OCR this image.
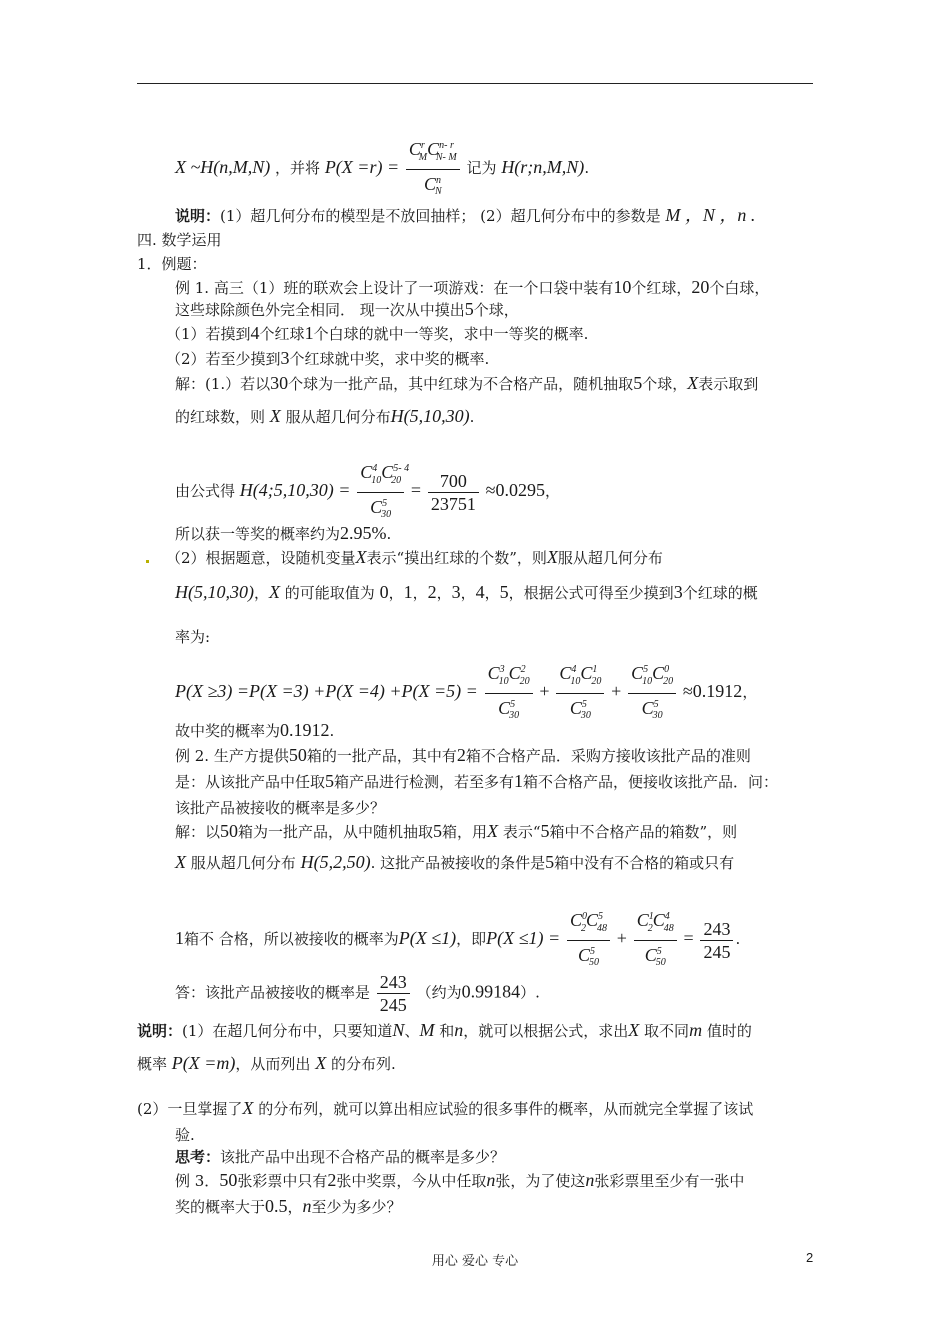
X ~H(n,M,N) ，并将 $P(X =r) = \frac{C^r_MC^{n- r}_{N- M}}{C^n_N}$ 记为 H(r;n,M,N).
说明：(1）超几何分布的模型是不放回抽样； (2）超几何分布中的参数是 M ，N ，n .
四. 数学运用
1．例题：
例 1. 高三（1）班的联欢会上设计了一项游戏：在一个口袋中装有10个红球，20个白球，
这些球除颜色外完全相同． 现一次从中摸出5个球，
（1）若摸到4个红球1个白球的就中一等奖，求中一等奖的概率.
（2）若至少摸到3个红球就中奖，求中奖的概率.
解：(1.）若以30个球为一批产品，其中红球为不合格产品，随机抽取5个球，X表示取到
的红球数，则 X 服从超几何分布H(5,10,30).
由公式得 H(4;5,10,30) = $\frac{C^4_{10}C^{5- 4}_{20}}{C^5_{30}} = \frac{700}{23751} \approx 0.0295$，
所以获一等奖的概率约为2.95%.
（2）根据题意，设随机变量X表示“摸出红球的个数”，则X服从超几何分布
H(5,10,30)，X 的可能取值为 0，1，2，3，4，5，根据公式可得至少摸到3个红球的概
率为:
$P(X \ge 3) =P(X =3) +P(X =4) +P(X =5) = \frac{C^3_{10}C^2_{20}}{C^5_{30}} + \frac{C^4_{10}C^1_{20}}{C^5_{30}} + \frac{C^5_{10}C^0_{20}}{C^5_{30}} \approx 0.1912$，
故中奖的概率为0.1912.
例 2. 生产方提供50箱的一批产品，其中有2箱不合格产品．采购方接收该批产品的准则
是：从该批产品中任取5箱产品进行检测，若至多有1箱不合格产品，便接收该批产品．问：
该批产品被接收的概率是多少？
解：以50箱为一批产品，从中随机抽取5箱，用X 表示“5箱中不合格产品的箱数”，则
X 服从超几何分布 H(5,2,50). 这批产品被接收的条件是5箱中没有不合格的箱或只有
1箱不 合格，所以被接收的概率为P(X ≤1)，即$P(X \le 1) = \frac{C^0_2C^5_{48}}{C^5_{50}} + \frac{C^1_2C^4_{48}}{C^5_{50}} = \frac{243}{245}$ .
答：该批产品被接收的概率是 $\frac{243}{245}$ （约为0.99184）.
说明：(1）在超几何分布中，只要知道N、M 和n，就可以根据公式，求出X 取不同m 值时的
概率 P(X =m)，从而列出 X 的分布列.
(2）一旦掌握了X 的分布列，就可以算出相应试验的很多事件的概率，从而就完全掌握了该试
验.
思考：该批产品中出现不合格产品的概率是多少？
例 3．50张彩票中只有2张中奖票，今从中任取n张，为了使这n张彩票里至少有一张中
奖的概率大于0.5，n至少为多少？
用心 爱心 专心	2
